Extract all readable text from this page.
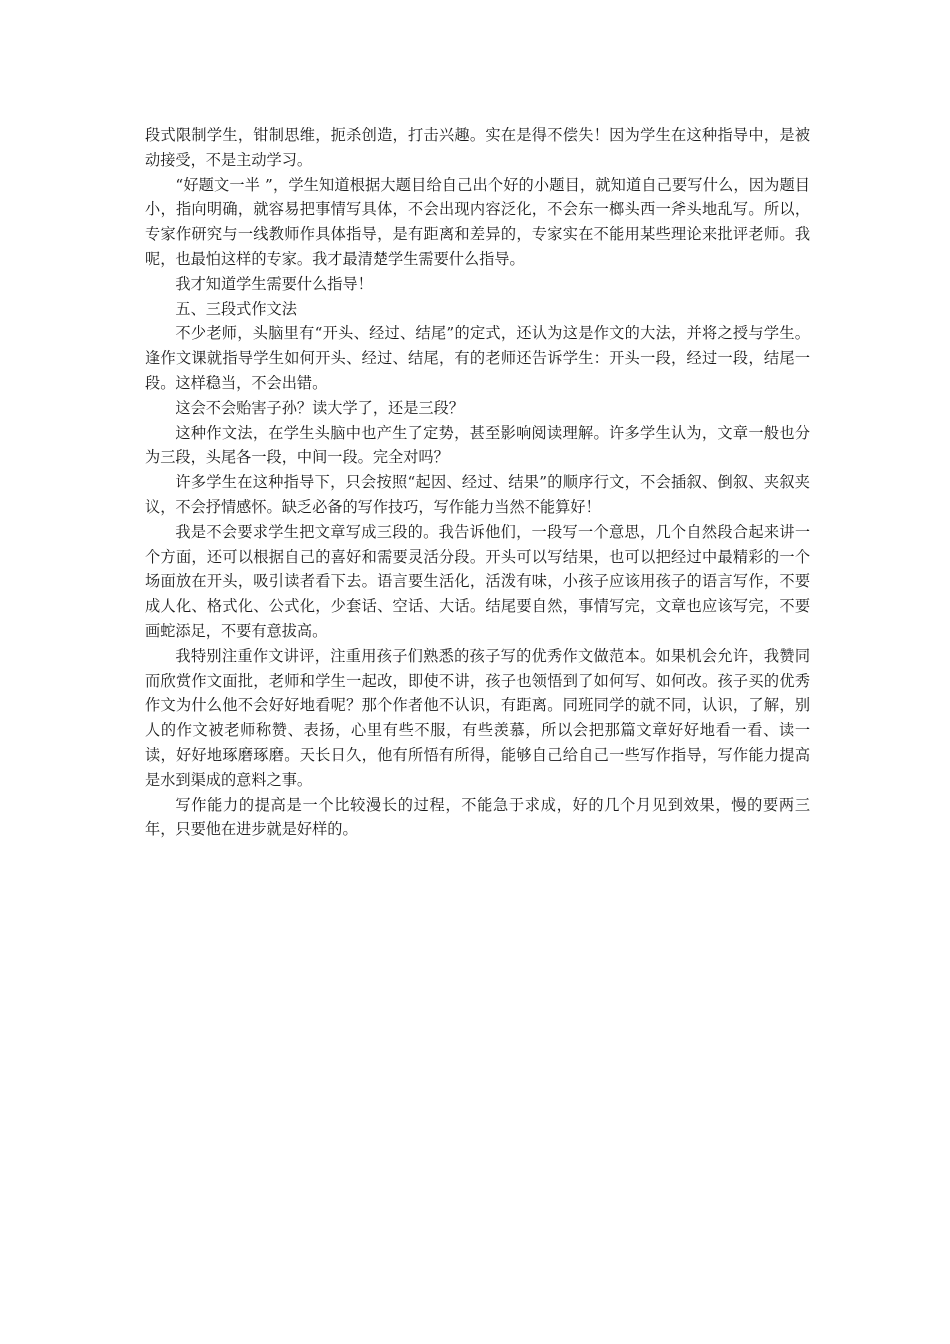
段式限制学生，钳制思维，扼杀创造，打击兴趣。实在是得不偿失！因为学生在这种指导中，是被动接受，不是主动学习。

“好题文一半 ”，学生知道根据大题目给自己出个好的小题目，就知道自己要写什么，因为题目小，指向明确，就容易把事情写具体，不会出现内容泛化，不会东一榔头西一斧头地乱写。所以，专家作研究与一线教师作具体指导，是有距离和差异的，专家实在不能用某些理论来批评老师。我呢，也最怕这样的专家。我才最清楚学生需要什么指导。

我才知道学生需要什么指导！

五、三段式作文法

不少老师，头脑里有“开头、经过、结尾”的定式，还认为这是作文的大法，并将之授与学生。逢作文课就指导学生如何开头、经过、结尾，有的老师还告诉学生：开头一段，经过一段，结尾一段。这样稳当，不会出错。

这会不会贻害子孙？读大学了，还是三段？

这种作文法，在学生头脑中也产生了定势，甚至影响阅读理解。许多学生认为，文章一般也分为三段，头尾各一段，中间一段。完全对吗？

许多学生在这种指导下，只会按照“起因、经过、结果”的顺序行文，不会插叙、倒叙、夹叙夹议，不会抒情感怀。缺乏必备的写作技巧，写作能力当然不能算好！

我是不会要求学生把文章写成三段的。我告诉他们，一段写一个意思，几个自然段合起来讲一个方面，还可以根据自己的喜好和需要灵活分段。开头可以写结果，也可以把经过中最精彩的一个场面放在开头，吸引读者看下去。语言要生活化，活泼有味，小孩子应该用孩子的语言写作，不要成人化、格式化、公式化，少套话、空话、大话。结尾要自然，事情写完，文章也应该写完，不要画蛇添足，不要有意拔高。

我特别注重作文讲评，注重用孩子们熟悉的孩子写的优秀作文做范本。如果机会允许，我赞同而欣赏作文面批，老师和学生一起改，即使不讲，孩子也领悟到了如何写、如何改。孩子买的优秀作文为什么他不会好好地看呢？那个作者他不认识，有距离。同班同学的就不同，认识，了解，别人的作文被老师称赞、表扬，心里有些不服，有些羡慕，所以会把那篇文章好好地看一看、读一读，好好地琢磨琢磨。天长日久，他有所悟有所得，能够自己给自己一些写作指导，写作能力提高是水到渠成的意料之事。

写作能力的提高是一个比较漫长的过程，不能急于求成，好的几个月见到效果，慢的要两三年，只要他在进步就是好样的。
